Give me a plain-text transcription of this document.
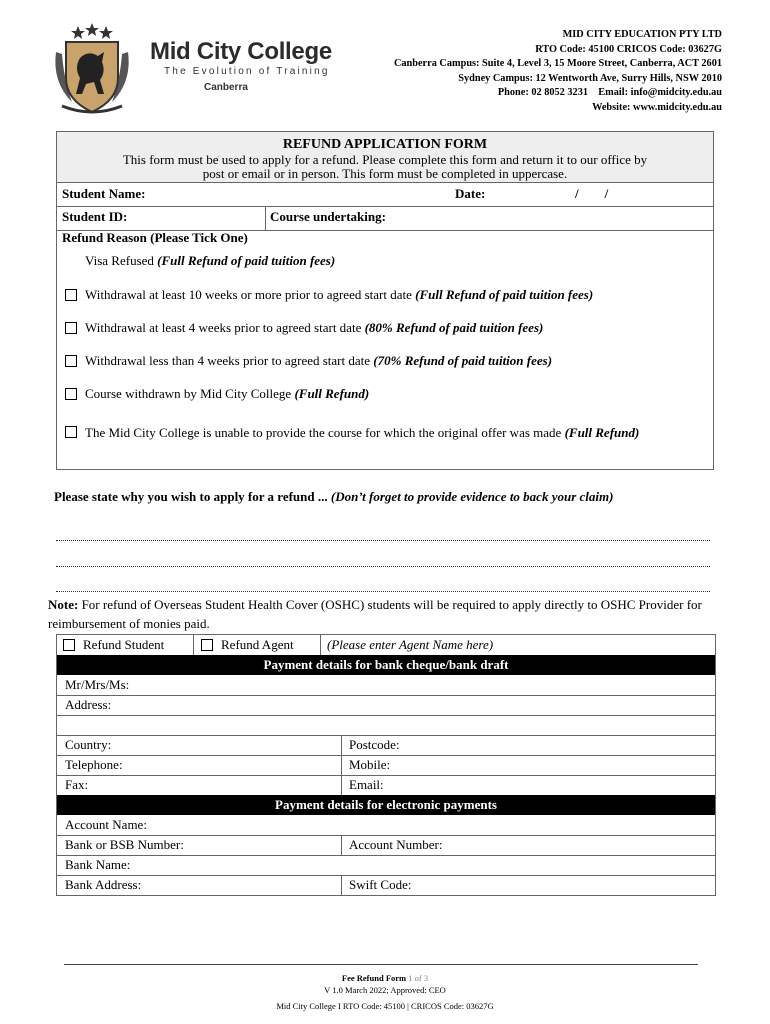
Mid City College
The Evolution of Training
Canberra
MID CITY EDUCATION PTY LTD
RTO Code: 45100 CRICOS Code: 03627G
Canberra Campus: Suite 4, Level 3, 15 Moore Street, Canberra, ACT 2601
Sydney Campus: 12 Wentworth Ave, Surry Hills, NSW 2010
Phone: 02 8052 3231    Email: info@midcity.edu.au
Website: www.midcity.edu.au
REFUND APPLICATION FORM
This form must be used to apply for a refund. Please complete this form and return it to our office by post or email or in person. This form must be completed in uppercase.
Student Name:	Date:	/        /
Student ID:	Course undertaking:
Refund Reason (Please Tick One)
Visa Refused (Full Refund of paid tuition fees)
Withdrawal at least 10 weeks or more prior to agreed start date (Full Refund of paid tuition fees)
Withdrawal at least 4 weeks prior to agreed start date (80% Refund of paid tuition fees)
Withdrawal less than 4 weeks prior to agreed start date (70% Refund of paid tuition fees)
Course withdrawn by Mid City College (Full Refund)
The Mid City College is unable to provide the course for which the original offer was made (Full Refund)
Please state why you wish to apply for a refund ... (Don’t forget to provide evidence to back your claim)
Note: For refund of Overseas Student Health Cover (OSHC) students will be required to apply directly to OSHC Provider for reimbursement of monies paid.
Refund Student	Refund Agent	(Please enter Agent Name here)
Payment details for bank cheque/bank draft
Mr/Mrs/Ms:
Address:
Country:	Postcode:
Telephone:	Mobile:
Fax:	Email:
Payment details for electronic payments
Account Name:
Bank or BSB Number:	Account Number:
Bank Name:
Bank Address:	Swift Code:
Fee Refund Form 1 of 3
V 1.0 March 2022; Approved: CEO
Mid City College I RTO Code: 45100 | CRICOS Code: 03627G
